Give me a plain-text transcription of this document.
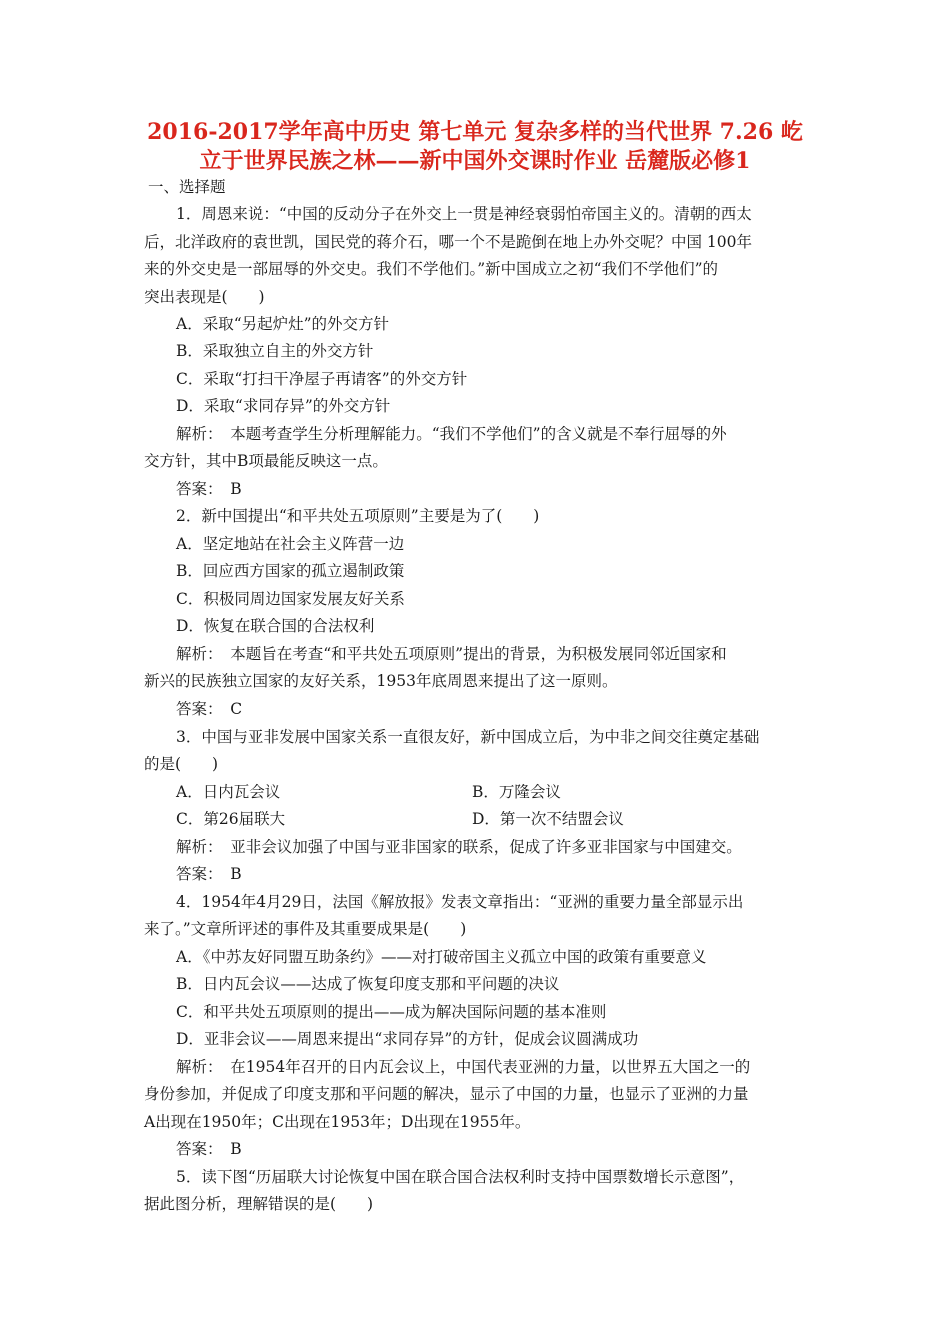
2016-2017学年高中历史 第七单元 复杂多样的当代世界 7.26 屹
立于世界民族之林——新中国外交课时作业 岳麓版必修1
一、选择题
1．周恩来说：“中国的反动分子在外交上一贯是神经衰弱怕帝国主义的。清朝的西太
后，北洋政府的袁世凯，国民党的蒋介石，哪一个不是跪倒在地上办外交呢？中国 100年
来的外交史是一部屈辱的外交史。我们不学他们。”新中国成立之初“我们不学他们”的
突出表现是(　　)
A．采取“另起炉灶”的外交方针
B．采取独立自主的外交方针
C．采取“打扫干净屋子再请客”的外交方针
D．采取“求同存异”的外交方针
解析：　本题考查学生分析理解能力。“我们不学他们”的含义就是不奉行屈辱的外
交方针，其中B项最能反映这一点。
答案：　B
2．新中国提出“和平共处五项原则”主要是为了(　　)
A．坚定地站在社会主义阵营一边
B．回应西方国家的孤立遏制政策
C．积极同周边国家发展友好关系
D．恢复在联合国的合法权利
解析：　本题旨在考查“和平共处五项原则”提出的背景，为积极发展同邻近国家和
新兴的民族独立国家的友好关系，1953年底周恩来提出了这一原则。
答案：　C
3．中国与亚非发展中国家关系一直很友好，新中国成立后，为中非之间交往奠定基础
的是(　　)
A．日内瓦会议	B．万隆会议
C．第26届联大	D．第一次不结盟会议
解析：　亚非会议加强了中国与亚非国家的联系，促成了许多亚非国家与中国建交。
答案：　B
4．1954年4月29日，法国《解放报》发表文章指出：“亚洲的重要力量全部显示出
来了。”文章所评述的事件及其重要成果是(　　)
A．《中苏友好同盟互助条约》——对打破帝国主义孤立中国的政策有重要意义
B．日内瓦会议——达成了恢复印度支那和平问题的决议
C．和平共处五项原则的提出——成为解决国际问题的基本准则
D．亚非会议——周恩来提出“求同存异”的方针，促成会议圆满成功
解析：　在1954年召开的日内瓦会议上，中国代表亚洲的力量，以世界五大国之一的
身份参加，并促成了印度支那和平问题的解决，显示了中国的力量，也显示了亚洲的力量
A出现在1950年；C出现在1953年；D出现在1955年。
答案：　B
5．读下图“历届联大讨论恢复中国在联合国合法权利时支持中国票数增长示意图”，
据此图分析，理解错误的是(　　)
